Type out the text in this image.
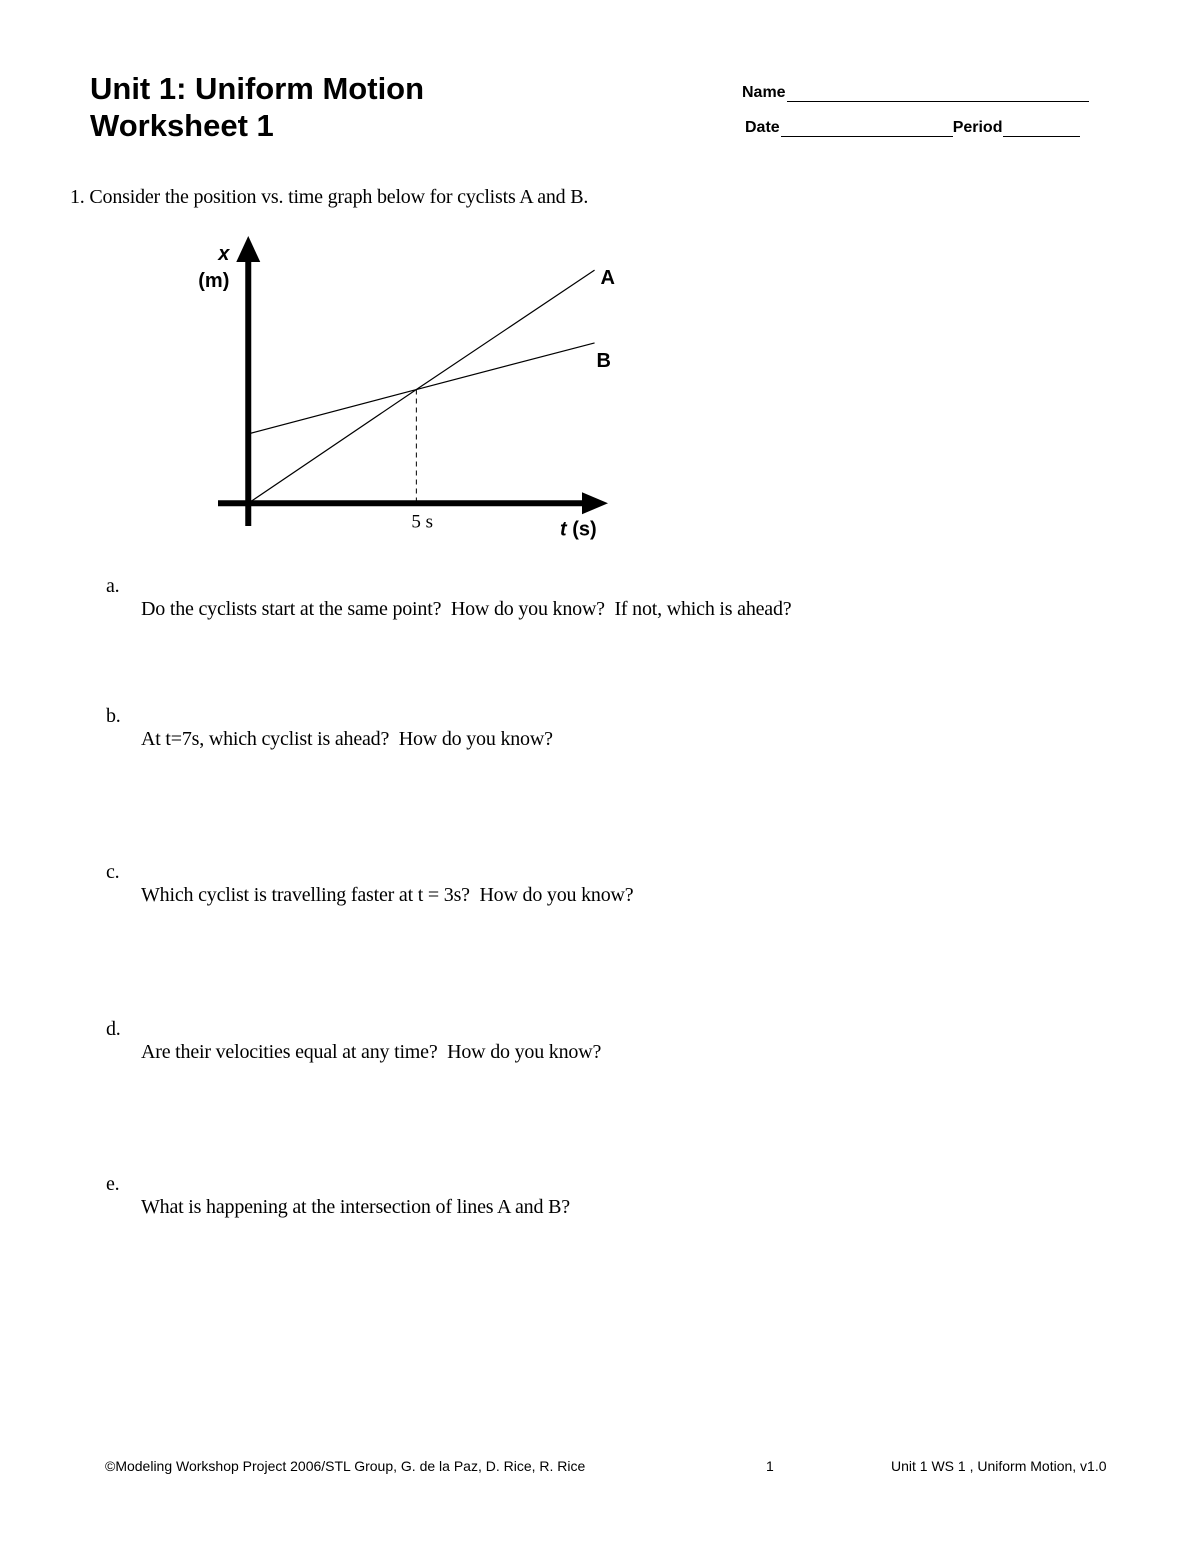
Unit 1: Uniform Motion
Worksheet 1
Name
Date	Period
1. Consider the position vs. time graph below for cyclists A and B.
A
B
x
(m)
5 s	t (s)

a.

Do the cyclists start at the same point?  How do you know?  If not, which is ahead?

b.

At t=7s, which cyclist is ahead?  How do you know?

c.

Which cyclist is travelling faster at t = 3s?  How do you know?

d.

Are their velocities equal at any time?  How do you know?

e.

What is happening at the intersection of lines A and B?

©Modeling Workshop Project 2006/STL Group, G. de la Paz, D. Rice, R. Rice	1	Unit 1 WS 1 , Uniform Motion, v1.0
